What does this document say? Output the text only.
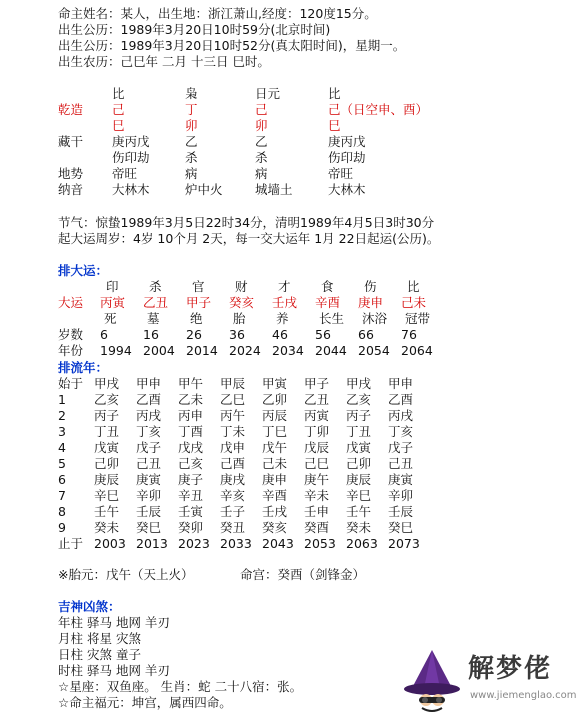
命主姓名：某人，出生地：浙江萧山,经度：120度15分。
出生公历：1989年3月20日10时59分(北京时间)
出生公历：1989年3月20日10时52分(真太阳时间)，星期一。
出生农历：己巳年 二月 十三日 巳时。
比	枭	日元	比
乾造 己	丁	己	己（日空申、酉）
巳	卯	卯	巳
藏干 庚丙戊	乙	乙	庚丙戊
伤印劫	杀	杀	伤印劫
地势 帝旺	病	病	帝旺
纳音 大林木	炉中火	城墙土	大林木
节气：惊蛰1989年3月5日22时34分，清明1989年4月5日3时30分
起大运周岁：4岁 10个月 2天，每一交大运年 1月 22日起运(公历)。
排大运：
印 杀 官 财 才 食 伤 比
大运 丙寅 乙丑 甲子 癸亥 壬戌 辛酉 庚申 己未
死 墓 绝 胎 养 长生 沐浴 冠带
岁数 6	16 26 36 46 56 66 76
年份 1994 2004 2014 2024 2034 2044 2054 2064
排流年：
始于 甲戌 甲申 甲午 甲辰 甲寅 甲子 甲戌 甲申
1 乙亥 乙酉 乙未 乙巳 乙卯 乙丑 乙亥 乙酉
2 丙子 丙戌 丙申 丙午 丙辰 丙寅 丙子 丙戌
3 丁丑 丁亥 丁酉 丁未 丁巳 丁卯 丁丑 丁亥
4 戊寅 戊子 戊戌 戊申 戊午 戊辰 戊寅 戊子
5 己卯 己丑 己亥 己酉 己未 己巳 己卯 己丑
6 庚辰 庚寅 庚子 庚戌 庚申 庚午 庚辰 庚寅
7 辛巳 辛卯 辛丑 辛亥 辛酉 辛未 辛巳 辛卯
8 壬午 壬辰 壬寅 壬子 壬戌 壬申 壬午 壬辰
9 癸未 癸巳 癸卯 癸丑 癸亥 癸酉 癸未 癸巳
止于 2003 2013 2023 2033 2043 2053 2063 2073
※胎元：戊午（天上火）	命宫：癸酉（剑锋金）
吉神凶煞：
年柱 驿马 地网 羊刃
月柱 将星 灾煞
日柱 灾煞 童子
时柱 驿马 地网 羊刃
☆星座：双鱼座。 生肖：蛇 二十八宿：张。
☆命主福元：坤宫，属西四命。
解梦佬
www.jiemenglao.com
